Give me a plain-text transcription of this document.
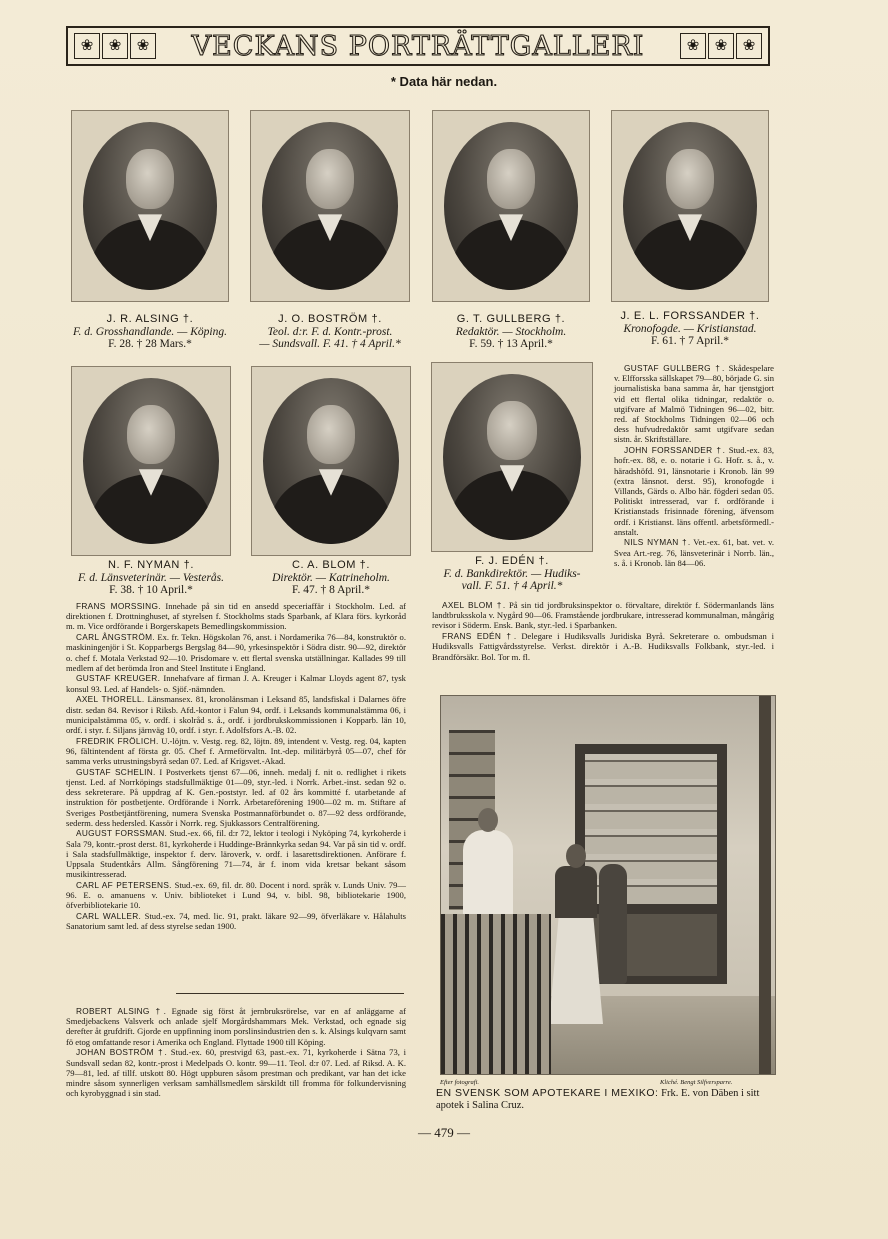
❀	❀	❀ VECKANS PORTRÄTTGALLERI	❀	❀	❀
* Data här nedan.
J. R. ALSING †.
F. d. Grosshandlande. — Köping.
F. 28. † 28 Mars.*
J. O. BOSTRÖM †.
Teol. d:r. F. d. Kontr.-prost.
— Sundsvall. F. 41. † 4 April.*
G. T. GULLBERG †.
Redaktör. — Stockholm.
F. 59. † 13 April.*
J. E. L. FORSSANDER †.
Kronofogde. — Kristianstad.
F. 61. † 7 April.*
N. F. NYMAN †.
F. d. Länsveterinär. — Vesterås.
F. 38. † 10 April.*
C. A. BLOM †.
Direktör. — Katrineholm.
F. 47. † 8 April.*
F. J. EDÉN †.
F. d. Bankdirektör. — Hudiks-
vall. F. 51. † 4 April.*

GUSTAF GULLBERG †. Skådespelare v. Elfforsska sällskapet 79—80, började G. sin journalistiska bana samma år, har tjenstgjort vid ett flertal olika tidningar, redaktör o. utgifvare af Malmö Tidningen 96—02, bitr. red. af Stockholms Tidningen 02—06 och dess hufvudredaktör samt utgifvare sedan sistn. år. Skriftställare.

JOHN FORSSANDER †. Stud.-ex. 83, hofr.-ex. 88, e. o. notarie i G. Hofr. s. å., v. häradshöfd. 91, länsnotarie i Kronob. län 99 (extra länsnot. derst. 95), kronofogde i Villands, Gärds o. Albo här. fögderi sedan 05. Politiskt intresserad, var f. ordförande i Kristianstads frisinnade förening, äfvensom ordf. i Kristianst. läns offentl. arbetsförmedl.-anstalt.

NILS NYMAN †. Vet.-ex. 61, bat. vet. v. Svea Art.-reg. 76, länsveterinär i Norrb. län., s. å. i Kronob. län 84—06.

AXEL BLOM †. På sin tid jordbruksinspektor o. förvaltare, direktör f. Södermanlands läns landtbruksskola v. Nygård 90—06. Framstående jordbrukare, intresserad kommunalman, mångårig revisor i Söderm. Ensk. Bank, styr.-led. i Sparbanken.

FRANS EDÉN †. Delegare i Hudiksvalls Juridiska Byrå. Sekreterare o. ombudsman i Hudiksvalls Fattigvårdsstyrelse. Verkst. direktör i A.-B. Hudiksvalls Folkbank, styr.-led. i Brandförsäkr. Bol. Tor m. fl.

FRANS MORSSING. Innehade på sin tid en ansedd speceriaffär i Stockholm. Led. af direktionen f. Drottninghuset, af styrelsen f. Stockholms stads Sparbank, af Klara förs. kyrkoråd m. m. Vice ordförande i Borgerskapets Bemedlingskommission.

CARL ÅNGSTRÖM. Ex. fr. Tekn. Högskolan 76, anst. i Nordamerika 76—84, konstruktör o. maskiningenjör i St. Kopparbergs Bergslag 84—90, yrkesinspektör i Södra distr. 90—92, direktör o. chef f. Motala Verkstad 92—10. Prisdomare v. ett flertal svenska utställningar. Kallades 99 till medlem af det berömda Iron and Steel Institute i England.

GUSTAF KREUGER. Innehafvare af firman J. A. Kreuger i Kalmar Lloyds agent 87, tysk konsul 93. Led. af Handels- o. Sjöf.-nämnden.

AXEL THORELL. Länsmansex. 81, kronolänsman i Leksand 85, landsfiskal i Dalarnes öfre distr. sedan 84. Revisor i Riksb. Afd.-kontor i Falun 94, ordf. i Leksands kommunalstämma 06, i municipalstämma 05, v. ordf. i skolråd s. å., ordf. i jordbrukskommissionen i Kopparb. län 10, ordf. i styr. f. Siljans järnväg 10, ordf. i styr. f. Adolfsfors A.-B. 02.

FREDRIK FRÖLICH. U.-löjtn. v. Vestg. reg. 82, löjtn. 89, intendent v. Vestg. reg. 04, kapten 96, fältintendent af första gr. 05. Chef f. Armeförvaltn. Int.-dep. militärbyrå 05—07, chef för samma verks utrustningsbyrå sedan 07. Led. af Krigsvet.-Akad.

GUSTAF SCHELIN. I Postverkets tjenst 67—06, inneh. medalj f. nit o. redlighet i rikets tjenst. Led. af Norrköpings stadsfullmäktige 01—09, styr.-led. i Norrk. Arbet.-inst. sedan 92 o. dess sekreterare. På uppdrag af K. Gen.-poststyr. led. af 02 års kommitté f. utarbetande af instruktion för postbetjente. Ordförande i Norrk. Arbetareförening 1900—02 m. m. Stiftare af Sveriges Postbetjäntförening, numera Svenska Postmannaförbundet o. 87—92 dess ordförande, sederm. dess hedersled. Kassör i Norrk. reg. Sjukkassors Centralförening.

AUGUST FORSSMAN. Stud.-ex. 66, fil. d:r 72, lektor i teologi i Nyköping 74, kyrkoherde i Sala 79, kontr.-prost derst. 81, kyrkoherde i Huddinge-Brännkyrka sedan 94. Var på sin tid v. ordf. i Sala stadsfullmäktige, inspektor f. derv. läroverk, v. ordf. i lasarettsdirektionen. Anförare f. Uppsala Studentkårs Allm. Sångförening 71—74, är f. inom vida kretsar bekant såsom musikintresserad.

CARL AF PETERSENS. Stud.-ex. 69, fil. dr. 80. Docent i nord. språk v. Lunds Univ. 79—96. E. o. amanuens v. Univ. biblioteket i Lund 94, v. bibl. 98, bibliotekarie 1900, öfverbibliotekarie 10.

CARL WALLER. Stud.-ex. 74, med. lic. 91, prakt. läkare 92—99, öfverläkare v. Hålahults Sanatorium samt led. af dess styrelse sedan 1900.

ROBERT ALSING †. Egnade sig först åt jernbruksrörelse, var en af anläggarne af Smedjebackens Valsverk och anlade sjelf Morgårdshammars Mek. Verkstad, och egnade sig derefter åt grufdrift. Gjorde en uppfinning inom porslinsindustrien den s. k. Alsings kulqvarn samt fö etog omfattande resor i Amerika och England. Flyttade 1900 till Köping.

JOHAN BOSTRÖM †. Stud.-ex. 60, prestvigd 63, past.-ex. 71, kyrkoherde i Sätna 73, i Sundsvall sedan 82, kontr.-prost i Medelpads O. kontr. 99—11. Teol. d:r 07. Led. af Riksd. A. K. 79—81, led. af tillf. utskott 80. Högt uppburen såsom prestman och predikant, var han det icke mindre såsom synnerligen verksam samhällsmedlem särskildt till fromma för folkundervisning och kyrobyggnad i sin stad.

Efter fotografi.	Kliché. Bengt Silfversparre.
EN SVENSK SOM APOTEKARE I MEXIKO: Frk. E. von Däben i sitt apotek i Salina Cruz.
— 479 —
